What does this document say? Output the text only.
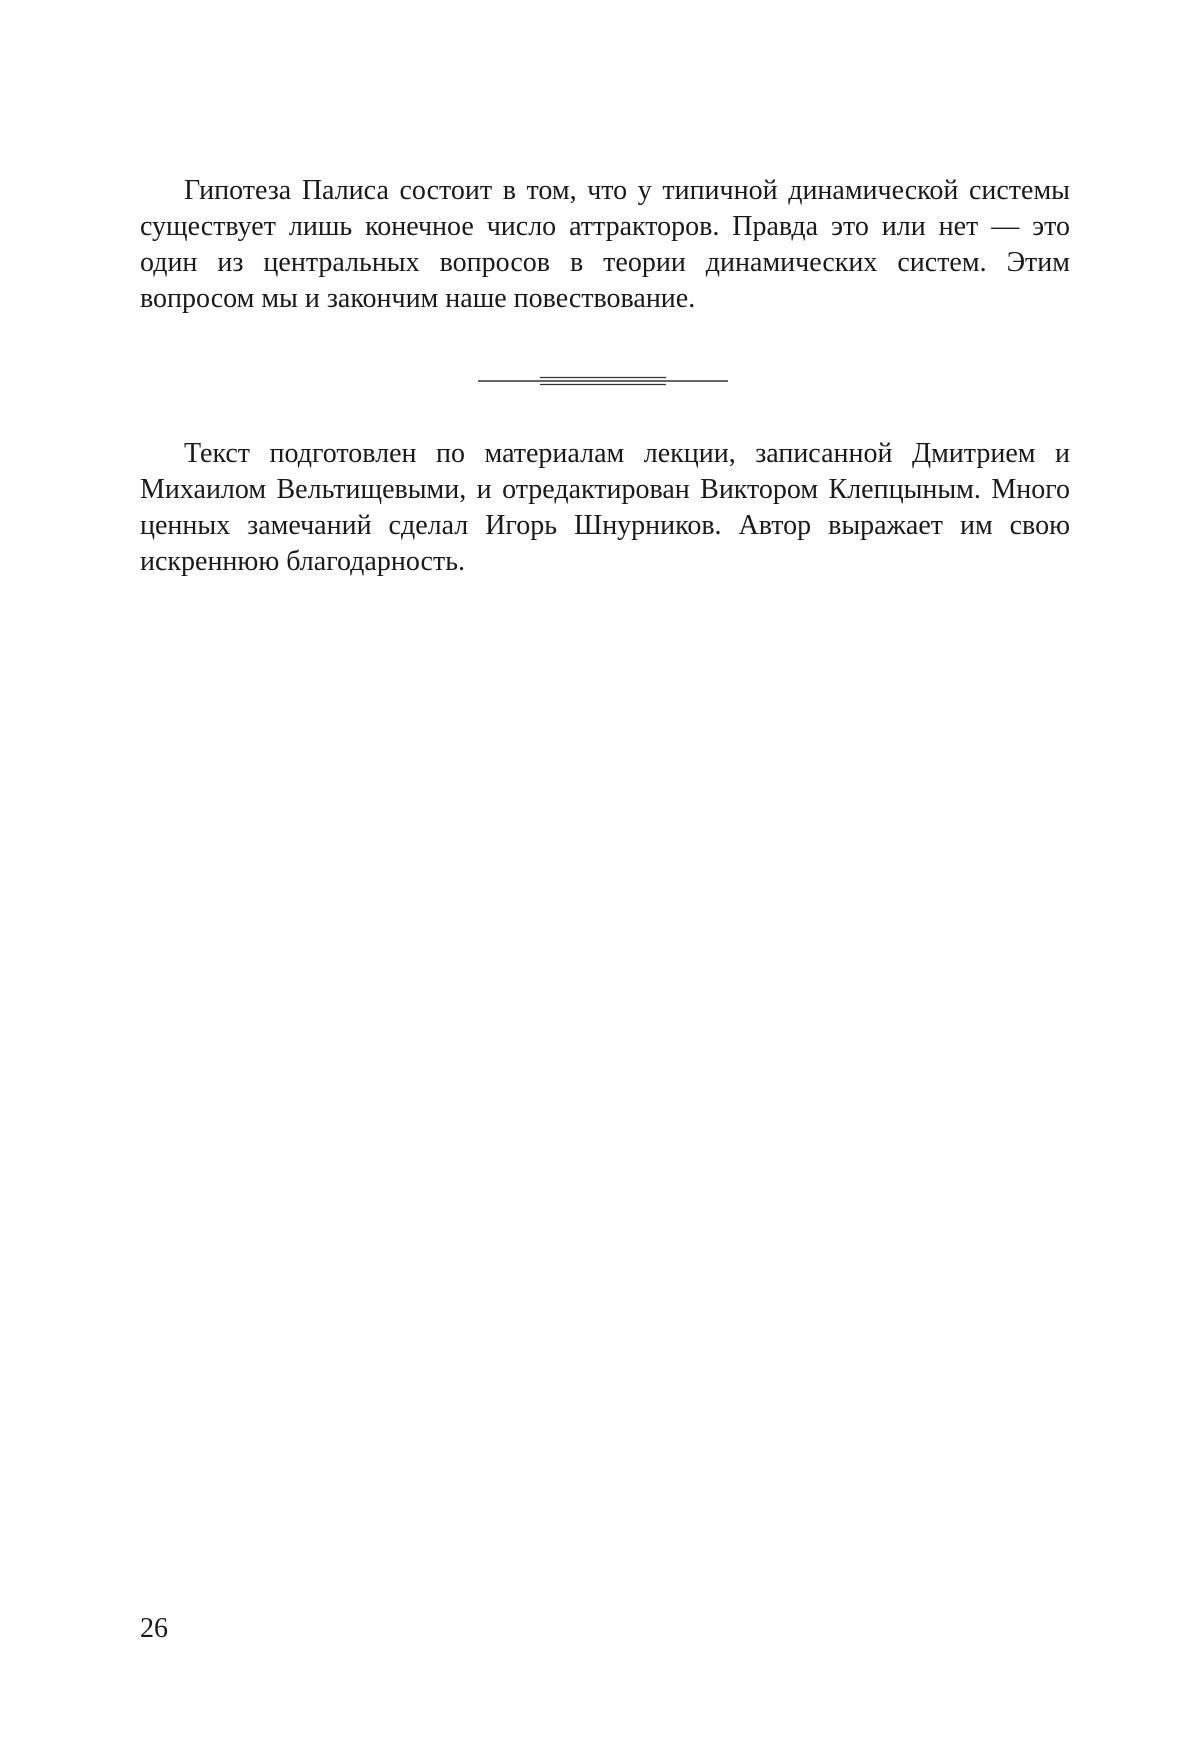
Гипотеза Палиса состоит в том, что у типичной динамической системы существует лишь конечное число аттракторов. Правда это или нет — это один из центральных вопросов в теории динамических систем. Этим вопросом мы и закончим наше повествование.

Текст подготовлен по материалам лекции, записанной Дмитрием и Михаилом Вельтищевыми, и отредактирован Виктором Клепцыным. Много ценных замечаний сделал Игорь Шнурников. Автор выражает им свою искреннюю благодарность.

26
